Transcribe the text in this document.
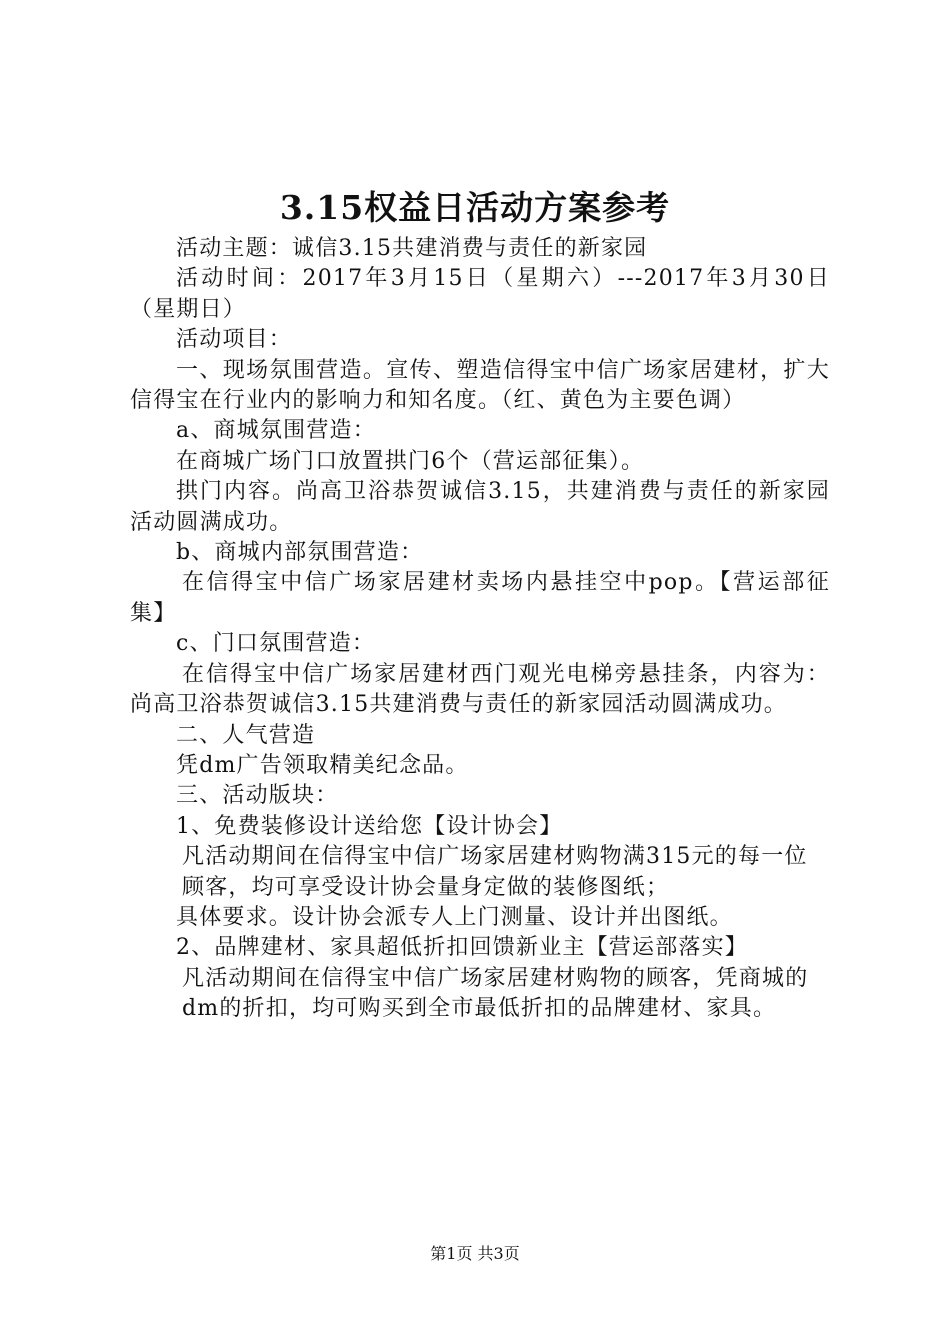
3.15权益日活动方案参考

活动主题：诚信3.15共建消费与责任的新家园

活动时间：2017年3月15日（星期六）---2017年3月30日（星期日）

活动项目：

一、现场氛围营造。宣传、塑造信得宝中信广场家居建材，扩大信得宝在行业内的影响力和知名度。（红、黄色为主要色调）

a、商城氛围营造：

在商城广场门口放置拱门6个（营运部征集）。

拱门内容。尚高卫浴恭贺诚信3.15，共建消费与责任的新家园活动圆满成功。

b、商城内部氛围营造：

在信得宝中信广场家居建材卖场内悬挂空中pop。【营运部征集】

c、门口氛围营造：

在信得宝中信广场家居建材西门观光电梯旁悬挂条，内容为：尚高卫浴恭贺诚信3.15共建消费与责任的新家园活动圆满成功。

二、人气营造

凭dm广告领取精美纪念品。

三、活动版块：

1、免费装修设计送给您【设计协会】

凡活动期间在信得宝中信广场家居建材购物满315元的每一位

顾客，均可享受设计协会量身定做的装修图纸；

具体要求。设计协会派专人上门测量、设计并出图纸。

2、品牌建材、家具超低折扣回馈新业主【营运部落实】

凡活动期间在信得宝中信广场家居建材购物的顾客，凭商城的

dm的折扣，均可购买到全市最低折扣的品牌建材、家具。

第1页 共3页
